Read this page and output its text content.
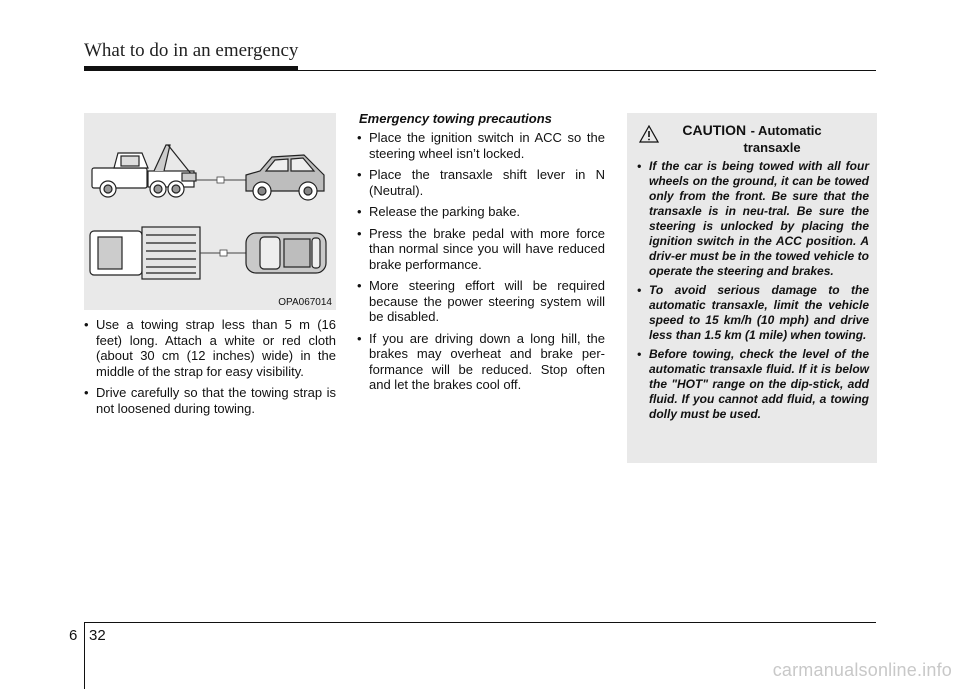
What to do in an emergency
OPA067014
• Use a towing strap less than 5 m (16 feet) long. Attach a white or red cloth (about 30 cm (12 inches) wide) in the middle of the strap for easy visibility.
• Drive carefully so that the towing strap is not loosened during towing.
Emergency towing precautions
• Place the ignition switch in ACC so the steering wheel isn’t locked.
• Place the transaxle shift lever in N (Neutral).
• Release the parking bake.
• Press the brake pedal with more force than normal since you will have reduced brake performance.
• More steering effort will be required because the power steering system will be disabled.
• If you are driving down a long hill, the brakes may overheat and brake per-formance will be reduced. Stop often and let the brakes cool off.
CAUTION - Automatic
transaxle
• If the car is being towed with all four wheels on the ground, it can be towed only from the front. Be sure that the transaxle is in neu-tral. Be sure the steering is unlocked by placing the ignition switch in the ACC position. A driv-er must be in the towed vehicle to operate the steering and brakes.
• To avoid serious damage to the automatic transaxle, limit the vehicle speed to 15 km/h (10 mph) and drive less than 1.5 km (1 mile) when towing.
• Before towing, check the level of the automatic transaxle fluid. If it is below the "HOT" range on the dip-stick, add fluid. If you cannot add fluid, a towing dolly must be used.
6 32
carmanualsonline.info
